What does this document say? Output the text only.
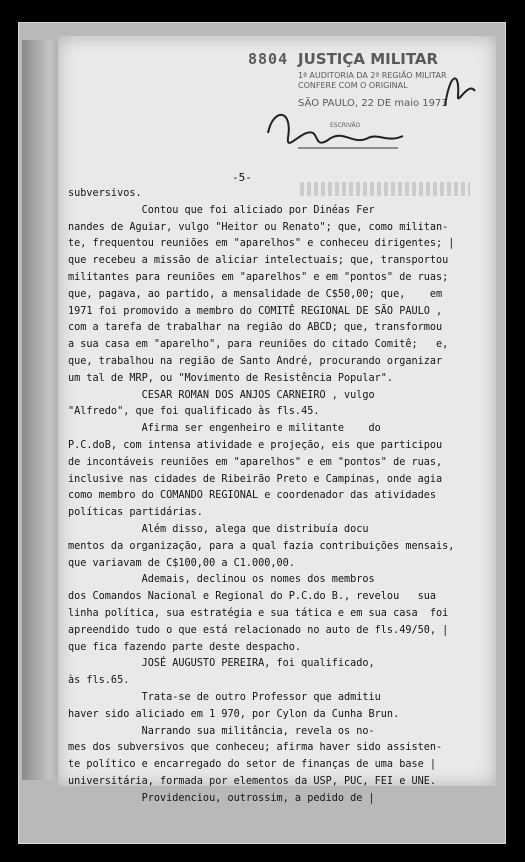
8804 JUSTIÇA MILITAR
1ª AUDITORIA DA 2ª REGIÃO MILITAR
CONFERE COM O ORIGINAL
SÃO PAULO, 22 DE maio 1973
ESCRIVÃO
-5-
subversivos.
Contou que foi aliciado por Dinéas Fer
nandes de Aguiar, vulgo "Heitor ou Renato"; que, como militan-
te, frequentou reuniões em "aparelhos" e conheceu dirigentes; |
que recebeu a missão de aliciar intelectuais; que, transportou
militantes para reuniões em "aparelhos" e em "pontos" de ruas;
que, pagava, ao partido, a mensalidade de C$50,00; que,    em
1971 foi promovido a membro do COMITÊ REGIONAL DE SÃO PAULO ,
com a tarefa de trabalhar na região do ABCD; que, transformou
a sua casa em "aparelho", para reuniões do citado Comitê;   e,
que, trabalhou na região de Santo André, procurando organizar
um tal de MRP, ou "Movimento de Resistência Popular".
CESAR ROMAN DOS ANJOS CARNEIRO , vulgo
"Alfredo", que foi qualificado às fls.45.
Afirma ser engenheiro e militante    do
P.C.doB, com intensa atividade e projeção, eis que participou
de incontáveis reuniões em "aparelhos" e em "pontos" de ruas,
inclusive nas cidades de Ribeirão Preto e Campinas, onde agia
como membro do COMANDO REGIONAL e coordenador das atividades
políticas partidárias.
Além disso, alega que distribuía docu
mentos da organização, para a qual fazia contribuições mensais,
que variavam de C$100,00 a C1.000,00.
Ademais, declinou os nomes dos membros
dos Comandos Nacional e Regional do P.C.do B., revelou   sua
linha política, sua estratégia e sua tática e em sua casa  foi
apreendido tudo o que está relacionado no auto de fls.49/50, |
que fica fazendo parte deste despacho.
JOSÉ AUGUSTO PEREIRA, foi qualificado,
às fls.65.
Trata-se de outro Professor que admitiu
haver sido aliciado em 1 970, por Cylon da Cunha Brun.
Narrando sua militância, revela os no-
mes dos subversivos que conheceu; afirma haver sido assisten-
te político e encarregado do setor de finanças de uma base |
universitária, formada por elementos da USP, PUC, FEI e UNE.
Providenciou, outrossim, a pedido de |
